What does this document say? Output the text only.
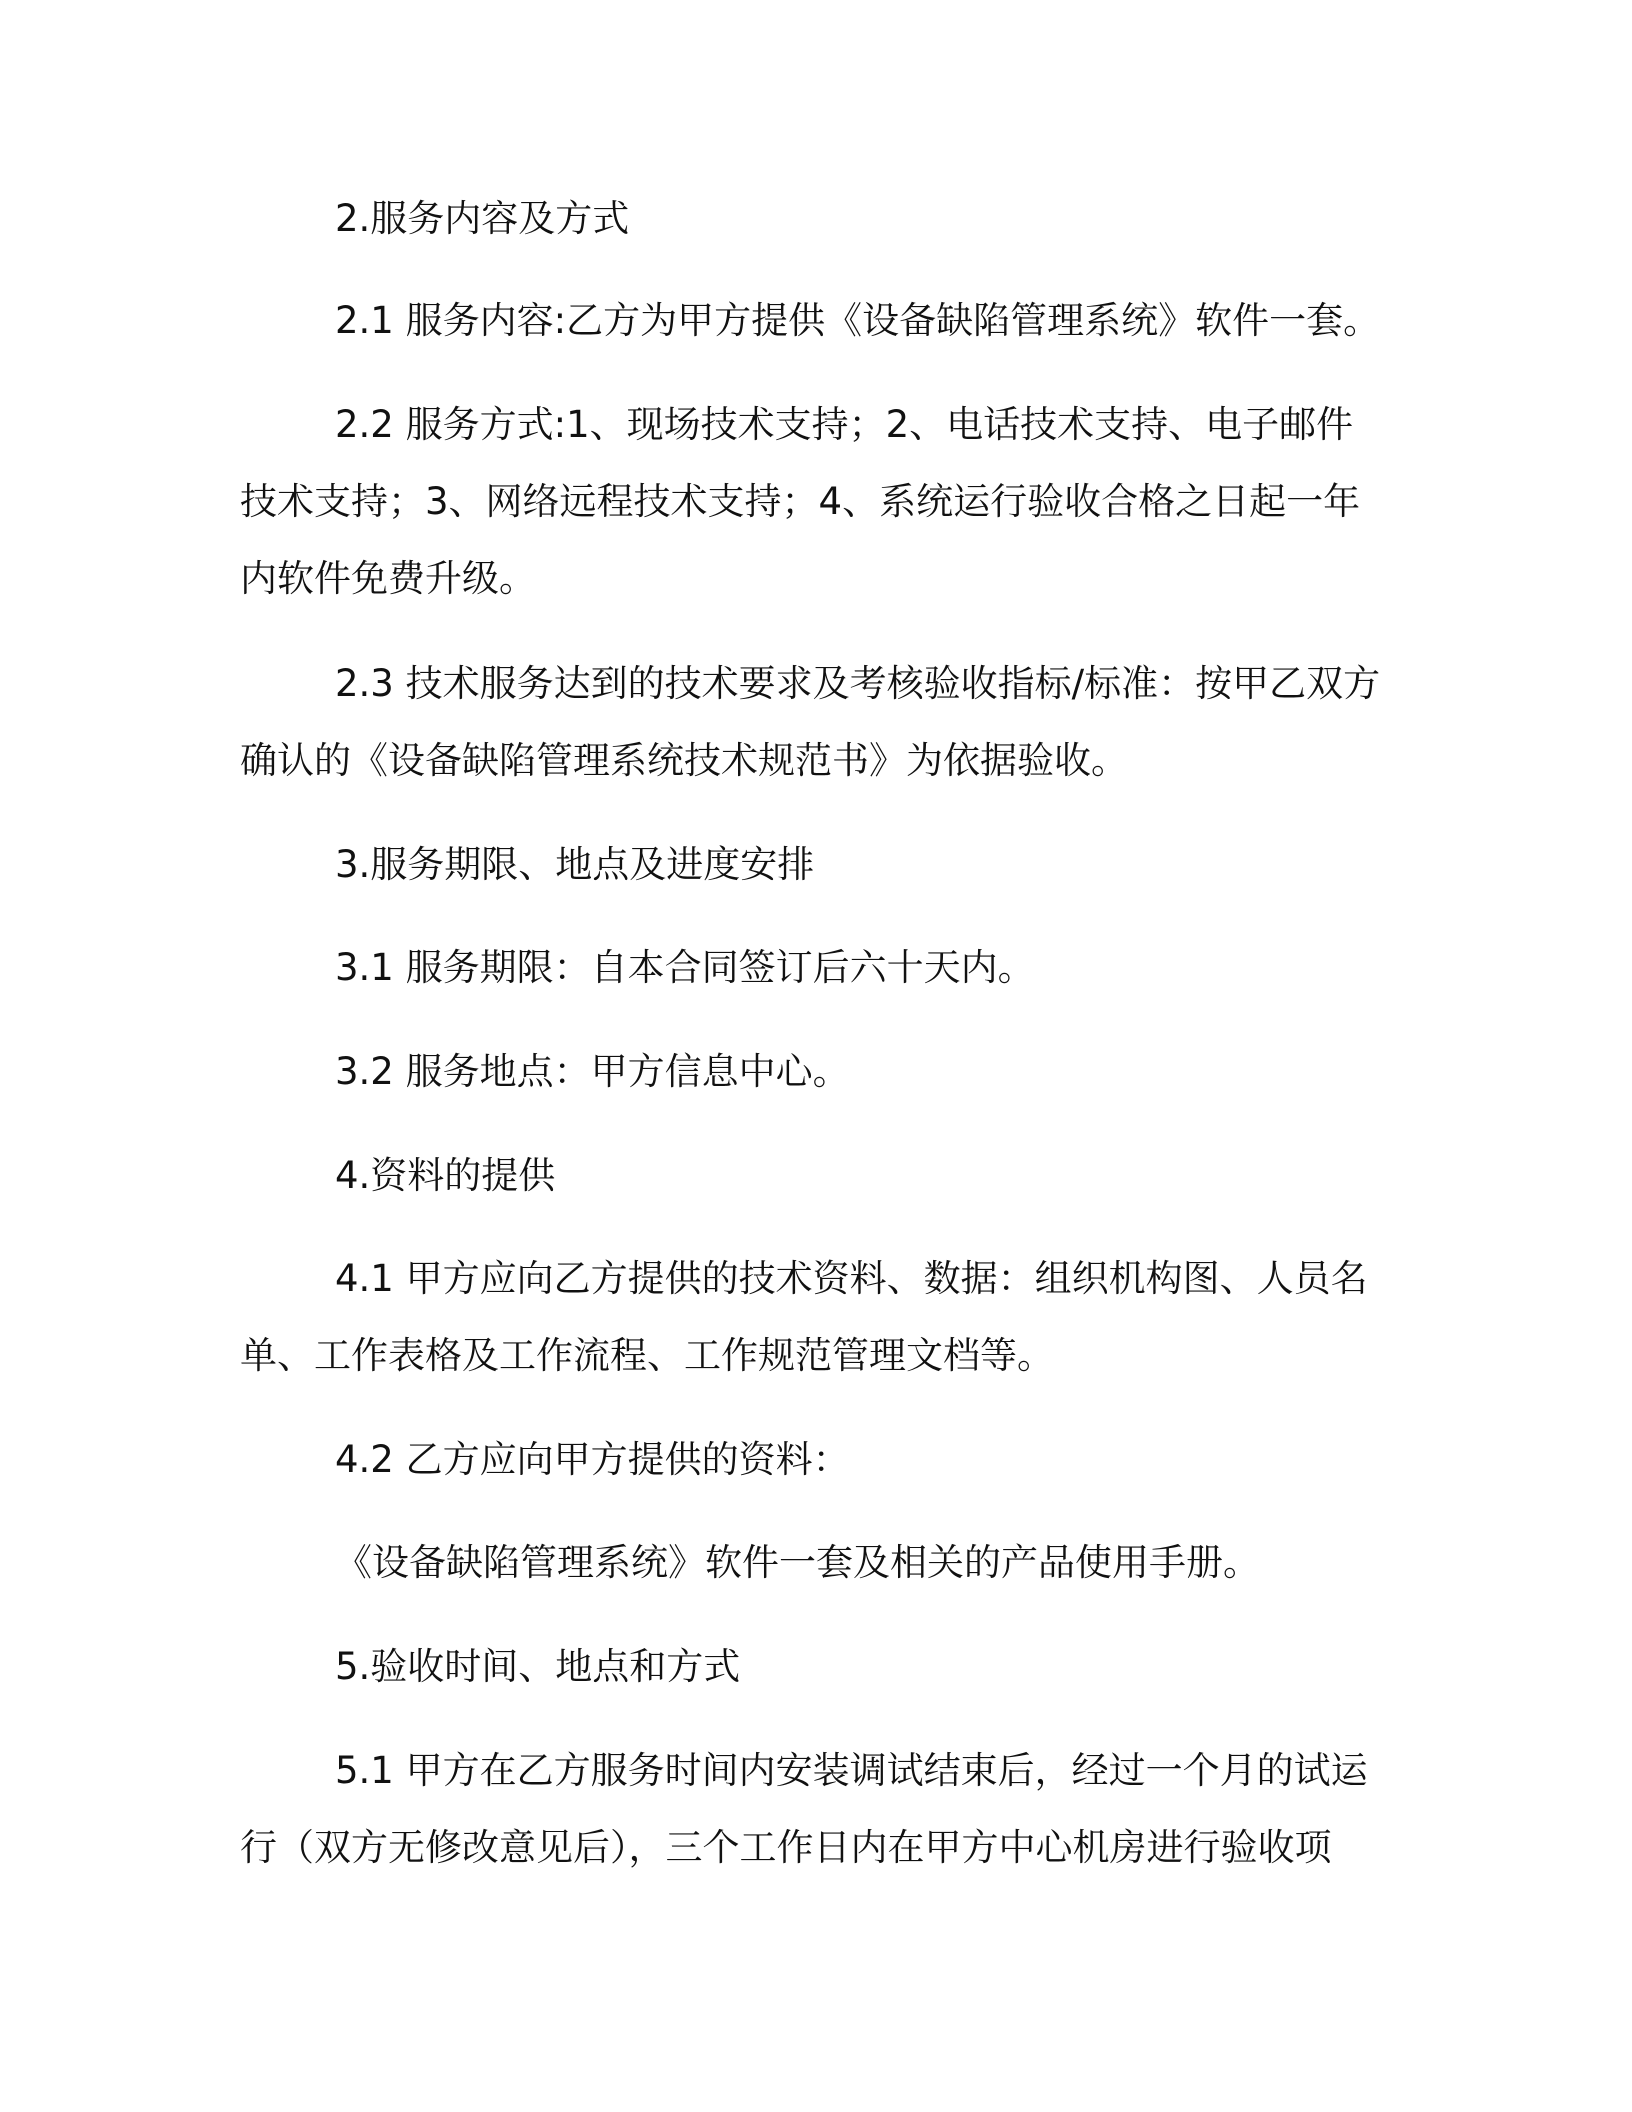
2.服务内容及方式

2.1 服务内容:乙方为甲方提供《设备缺陷管理系统》软件一套。

2.2 服务方式:1、现场技术支持；2、电话技术支持、电子邮件技术支持；3、网络远程技术支持；4、系统运行验收合格之日起一年内软件免费升级。

2.3 技术服务达到的技术要求及考核验收指标/标准：按甲乙双方确认的《设备缺陷管理系统技术规范书》为依据验收。

3.服务期限、地点及进度安排

3.1 服务期限：自本合同签订后六十天内。

3.2 服务地点：甲方信息中心。

4.资料的提供

4.1 甲方应向乙方提供的技术资料、数据：组织机构图、人员名单、工作表格及工作流程、工作规范管理文档等。

4.2 乙方应向甲方提供的资料：

《设备缺陷管理系统》软件一套及相关的产品使用手册。

5.验收时间、地点和方式

5.1 甲方在乙方服务时间内安装调试结束后，经过一个月的试运行（双方无修改意见后），三个工作日内在甲方中心机房进行验收项
